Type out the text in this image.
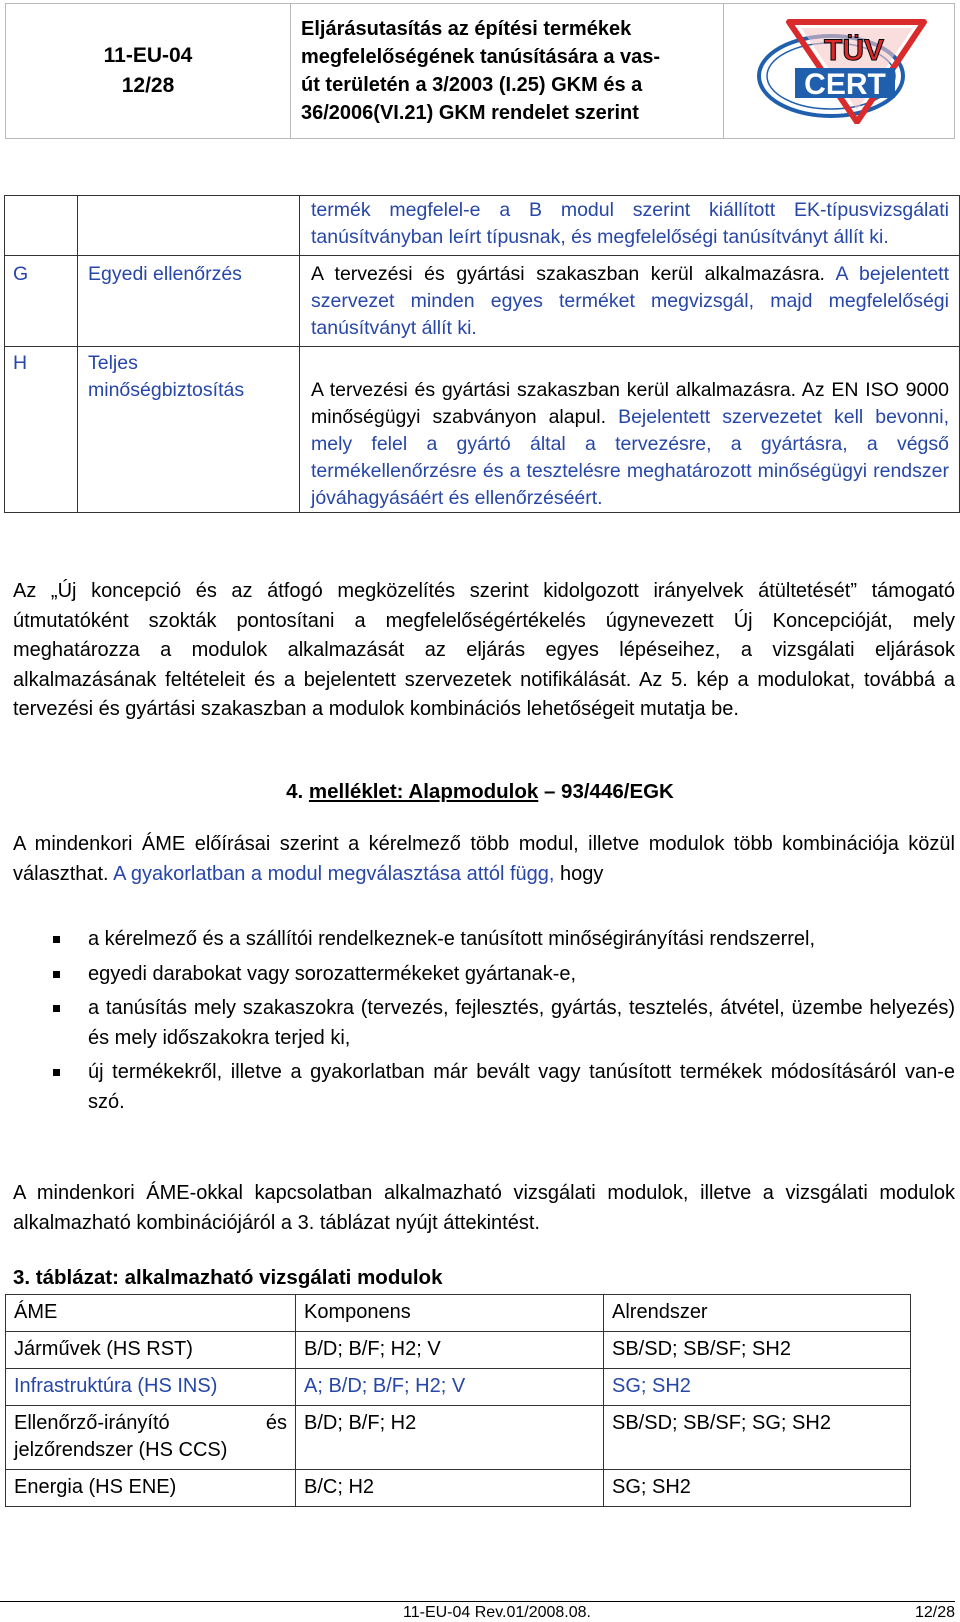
11-EU-04
12/28

Eljárásutasítás az építési termékek
megfelelőségének tanúsítására a vas-
út területén a 3/2003 (I.25) GKM és a
36/2006(VI.21) GKM rendelet szerint

TÜV
CERT
		termék megfelel-e a B modul szerint kiállított EK-típusvizsgálati tanúsítványban leírt típusnak, és megfelelőségi tanúsítványt állít ki.
G	Egyedi ellenőrzés	A tervezési és gyártási szakaszban kerül alkalmazásra. A bejelentett szervezet minden egyes terméket megvizsgál, majd megfelelőségi tanúsítványt állít ki.
H	Teljes minőségbiztosítás	A tervezési és gyártási szakaszban kerül alkalmazásra. Az EN ISO 9000 minőségügyi szabványon alapul. Bejelentett szervezetet kell bevonni, mely felel a gyártó által a tervezésre, a gyártásra, a végső termékellenőrzésre és a tesztelésre meghatározott minőségügyi rendszer jóváhagyásáért és ellenőrzéséért.

Az „Új koncepció és az átfogó megközelítés szerint kidolgozott irányelvek átültetését” támogató útmutatóként szokták pontosítani a megfelelőségértékelés úgynevezett Új Koncepcióját, mely meghatározza a modulok alkalmazását az eljárás egyes lépéseihez, a vizsgálati eljárások alkalmazásának feltételeit és a bejelentett szervezetek notifikálását. Az 5. kép a modulokat, továbbá a tervezési és gyártási szakaszban a modulok kombinációs lehetőségeit mutatja be.

4. melléklet: Alapmodulok – 93/446/EGK

A mindenkori ÁME előírásai szerint a kérelmező több modul, illetve modulok több kombinációja közül választhat. A gyakorlatban a modul megválasztása attól függ, hogy

a kérelmező és a szállítói rendelkeznek-e tanúsított minőségirányítási rendszerrel,
egyedi darabokat vagy sorozattermékeket gyártanak-e,
a tanúsítás mely szakaszokra (tervezés, fejlesztés, gyártás, tesztelés, átvétel, üzembe helyezés) és mely időszakokra terjed ki,
új termékekről, illetve a gyakorlatban már bevált vagy tanúsított termékek módosításáról van-e szó.

A mindenkori ÁME-okkal kapcsolatban alkalmazható vizsgálati modulok, illetve a vizsgálati modulok alkalmazható kombinációjáról a 3. táblázat nyújt áttekintést.

3. táblázat: alkalmazható vizsgálati modulok

ÁME	Komponens	Alrendszer
Járművek (HS RST)	B/D; B/F; H2; V	SB/SD; SB/SF; SH2
Infrastruktúra (HS INS)	A; B/D; B/F; H2; V	SG; SH2
Ellenőrző-irányító és jelzőrendszer (HS CCS)	B/D; B/F; H2	SB/SD; SB/SF; SG; SH2
Energia (HS ENE)	B/C; H2	SG; SH2
11-EU-04 Rev.01/2008.08.	12/28
